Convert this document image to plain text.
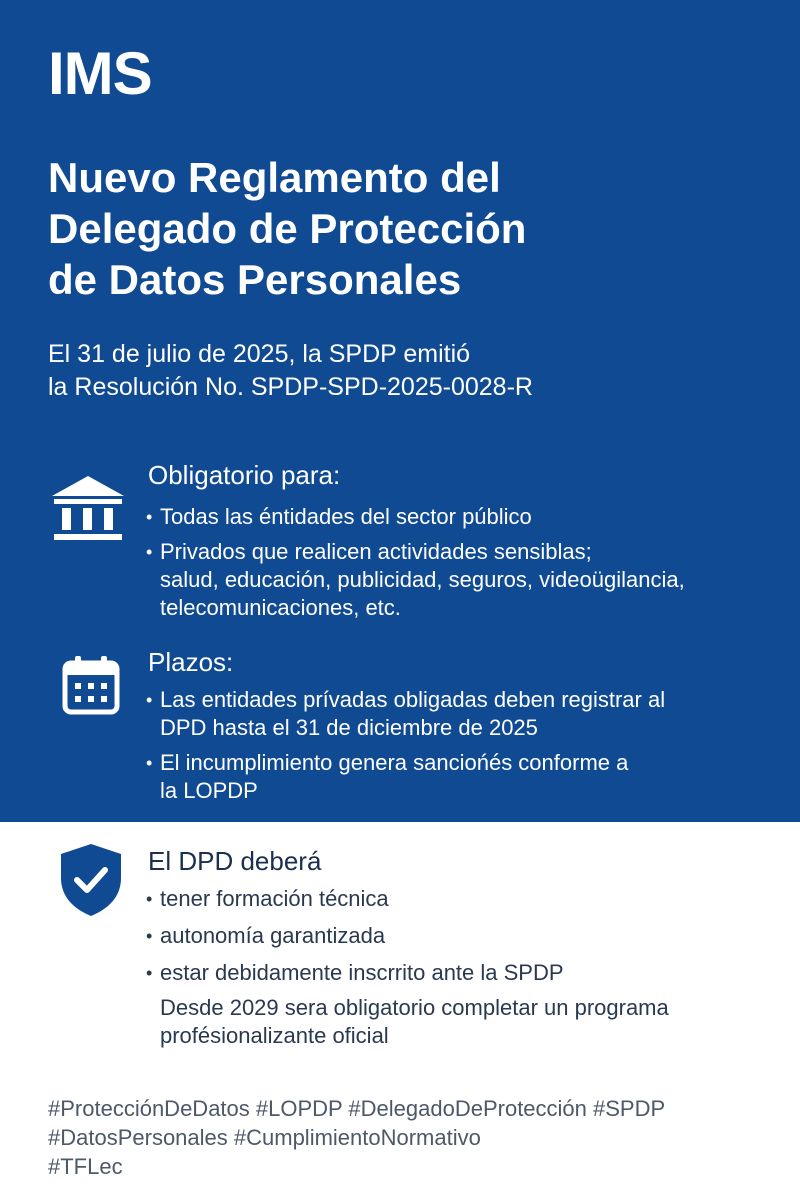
IMS
Nuevo Reglamento del
Delegado de Protección
de Datos Personales
El 31 de julio de 2025, la SPDP emitió
la Resolución No. SPDP-SPD-2025-0028-R
Obligatorio para:
• Todas las éntidades del sector público
• Privados que realicen actividades sensiblas;
salud, educación, publicidad, seguros, videoügilancia,
telecomunicaciones, etc.
Plazos:
• Las entidades prívadas obligadas deben registrar al
DPD hasta el 31 de diciembre de 2025
• El incumplimiento genera sanciońés conforme a
la LOPDP
El DPD deberá
• tener formación técnica
• autonomía garantizada
• estar debidamente inscrrito ante la SPDP
Desde 2029 sera obligatorio completar un programa
profésionalizante oficial
#ProtecciónDeDatos #LOPDP #DelegadoDeProtección #SPDP
#DatosPersonales #CumplimientoNormativo
#TFLec
